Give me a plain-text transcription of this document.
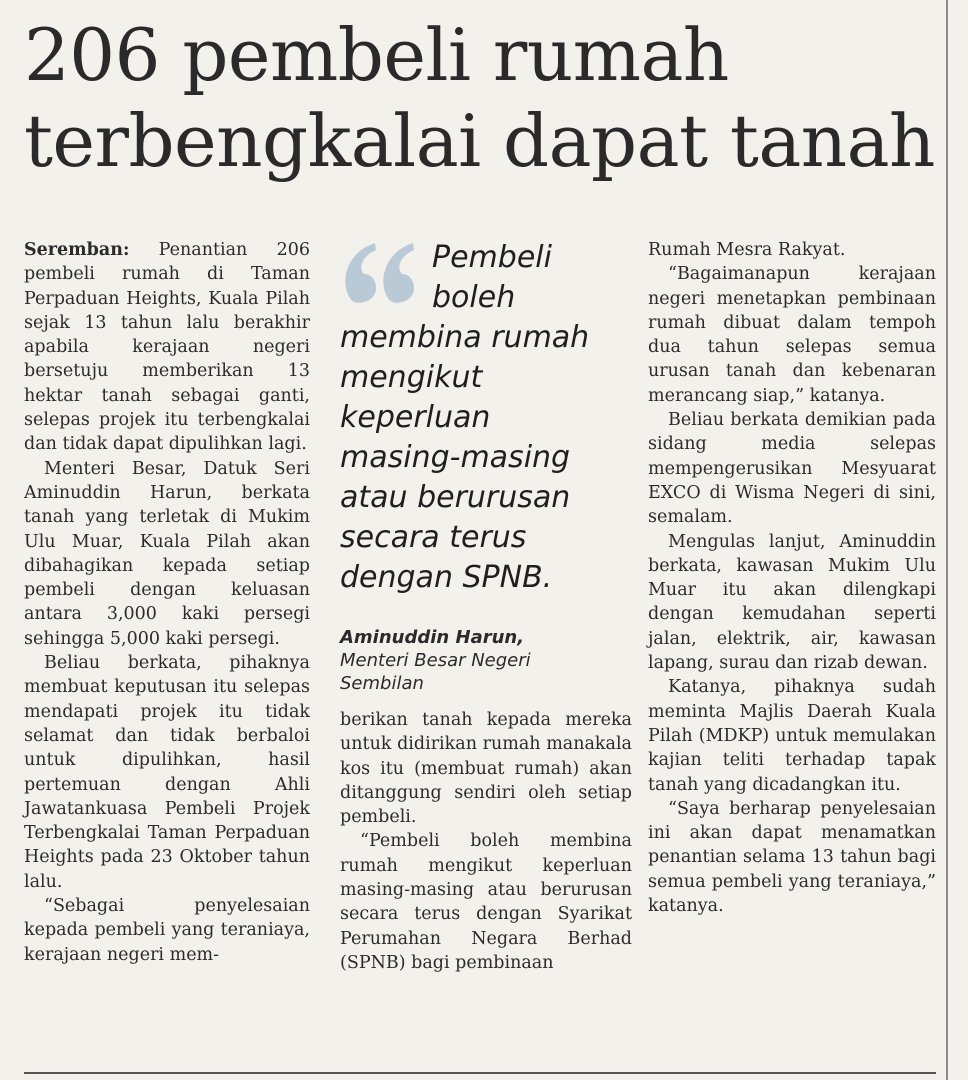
206 pembeli rumah
terbengkalai dapat tanah

Seremban: Penantian 206 pembeli rumah di Taman Perpaduan Heights, Kuala Pilah sejak 13 tahun lalu berakhir apabila kerajaan negeri bersetuju memberikan 13 hektar tanah sebagai ganti, selepas projek itu terbengkalai dan tidak dapat dipulihkan lagi.

Menteri Besar, Datuk Seri Aminuddin Harun, berkata tanah yang terletak di Mukim Ulu Muar, Kuala Pilah akan dibahagikan kepada setiap pembeli dengan keluasan antara 3,000 kaki persegi sehingga 5,000 kaki persegi.

Beliau berkata, pihaknya membuat keputusan itu selepas mendapati projek itu tidak selamat dan tidak berbaloi untuk dipulihkan, hasil pertemuan dengan Ahli Jawatankuasa Pembeli Projek Terbengkalai Taman Perpaduan Heights pada 23 Oktober tahun lalu.

“Sebagai penyelesaian kepada pembeli yang teraniaya, kerajaan negeri mem-

Pembeli
boleh
membina rumah
mengikut
keperluan
masing-masing
atau berurusan
secara terus
dengan SPNB.
Aminuddin Harun,
Menteri Besar Negeri
Sembilan

berikan tanah kepada mereka untuk didirikan rumah manakala kos itu (membuat rumah) akan ditanggung sendiri oleh setiap pembeli.

“Pembeli boleh membina rumah mengikut keperluan masing-masing atau berurusan secara terus dengan Syarikat Perumahan Negara Berhad (SPNB) bagi pembinaan

Rumah Mesra Rakyat.

“Bagaimanapun kerajaan negeri menetapkan pembinaan rumah dibuat dalam tempoh dua tahun selepas semua urusan tanah dan kebenaran merancang siap,” katanya.

Beliau berkata demikian pada sidang media selepas mempengerusikan Mesyuarat EXCO di Wisma Negeri di sini, semalam.

Mengulas lanjut, Aminuddin berkata, kawasan Mukim Ulu Muar itu akan dilengkapi dengan kemudahan seperti jalan, elektrik, air, kawasan lapang, surau dan rizab dewan.

Katanya, pihaknya sudah meminta Majlis Daerah Kuala Pilah (MDKP) untuk memulakan kajian teliti terhadap tapak tanah yang dicadangkan itu.

“Saya berharap penyelesaian ini akan dapat menamatkan penantian selama 13 tahun bagi semua pembeli yang teraniaya,” katanya.
